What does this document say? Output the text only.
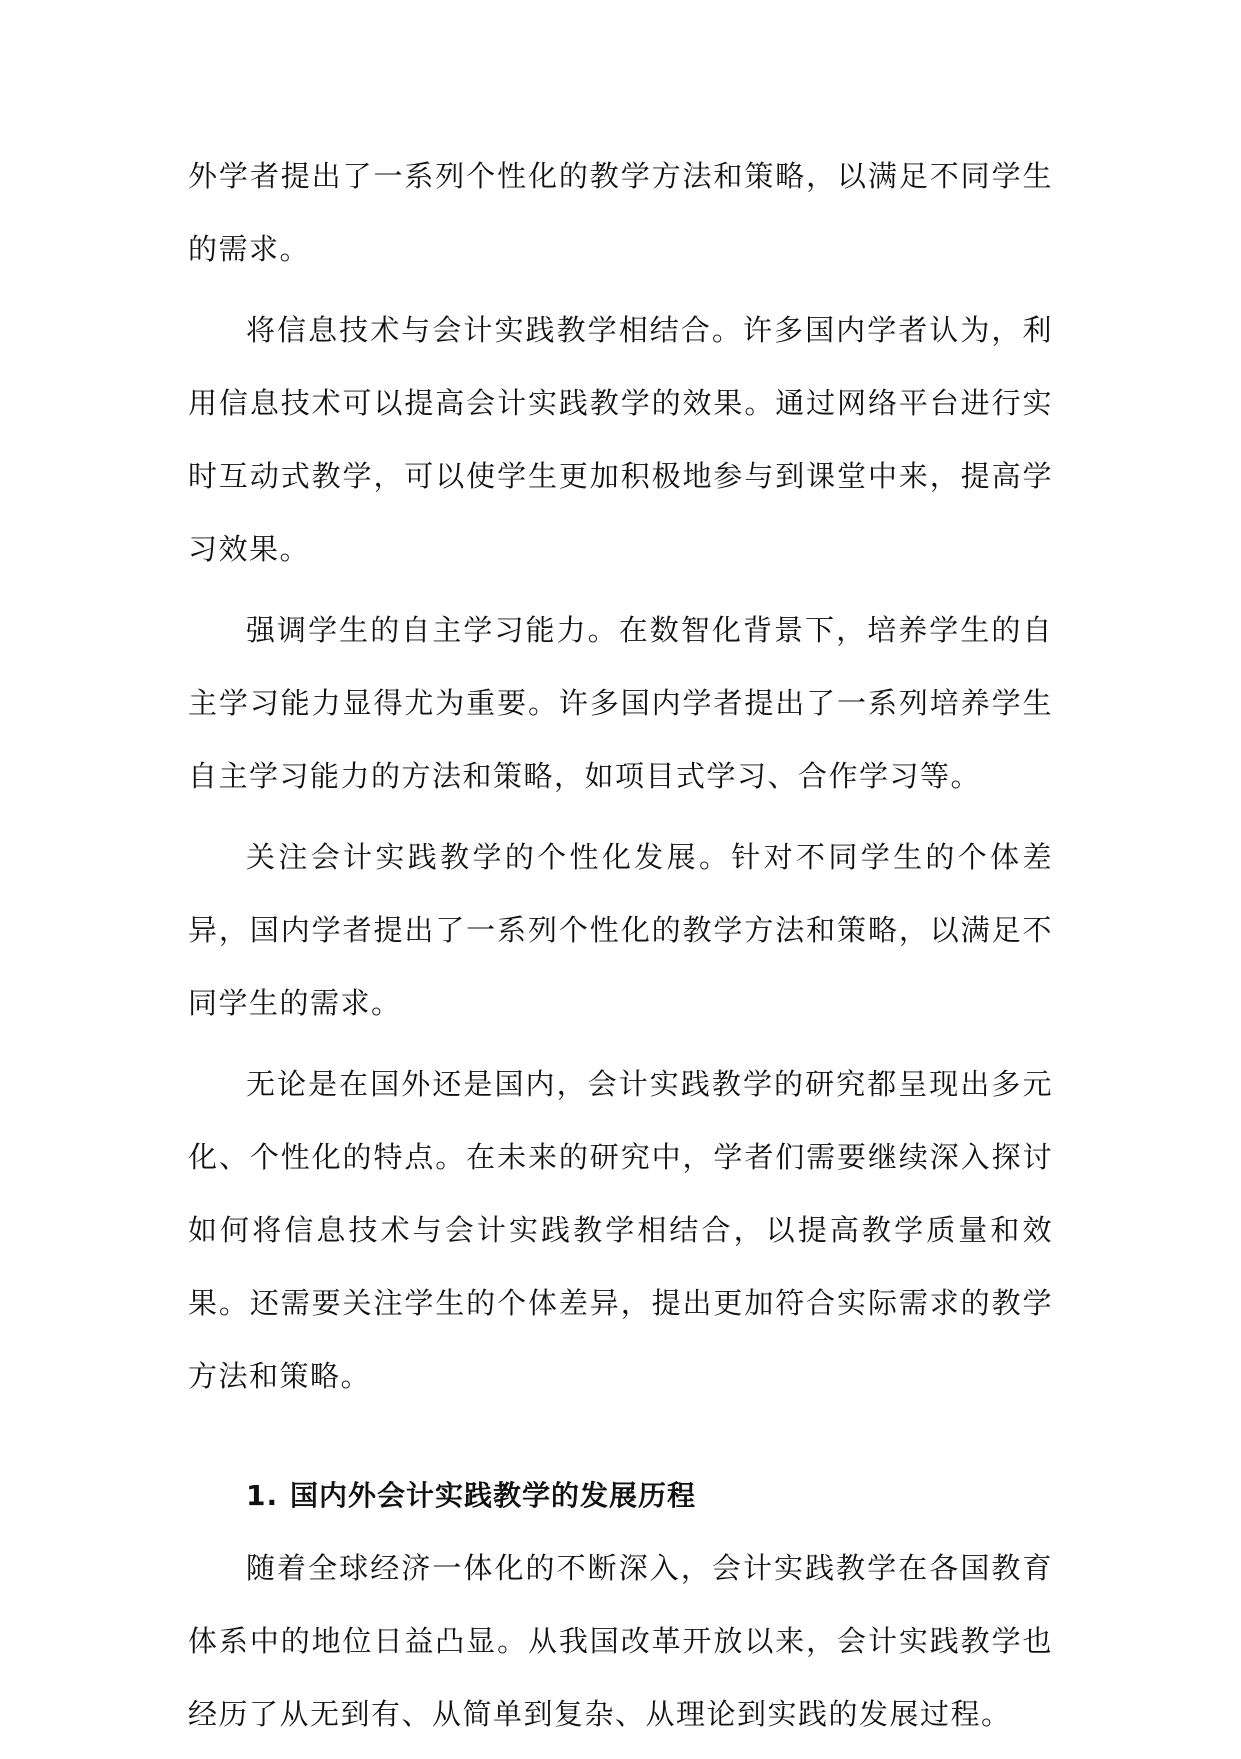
外学者提出了一系列个性化的教学方法和策略，以满足不同学生的需求。

将信息技术与会计实践教学相结合。许多国内学者认为，利用信息技术可以提高会计实践教学的效果。通过网络平台进行实时互动式教学，可以使学生更加积极地参与到课堂中来，提高学习效果。

强调学生的自主学习能力。在数智化背景下，培养学生的自主学习能力显得尤为重要。许多国内学者提出了一系列培养学生自主学习能力的方法和策略，如项目式学习、合作学习等。

关注会计实践教学的个性化发展。针对不同学生的个体差异，国内学者提出了一系列个性化的教学方法和策略，以满足不同学生的需求。

无论是在国外还是国内，会计实践教学的研究都呈现出多元化、个性化的特点。在未来的研究中，学者们需要继续深入探讨如何将信息技术与会计实践教学相结合，以提高教学质量和效果。还需要关注学生的个体差异，提出更加符合实际需求的教学方法和策略。

1. 国内外会计实践教学的发展历程

随着全球经济一体化的不断深入，会计实践教学在各国教育体系中的地位日益凸显。从我国改革开放以来，会计实践教学也经历了从无到有、从简单到复杂、从理论到实践的发展过程。
